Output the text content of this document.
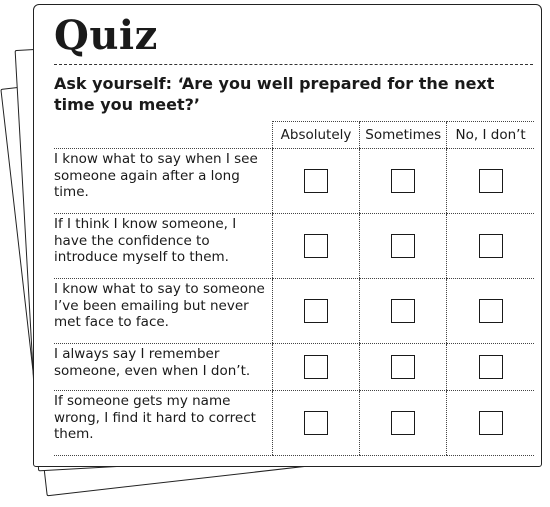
Quiz

Ask yourself: ‘Are you well prepared for the next time you meet?’

	Absolutely	Sometimes	No, I don’t
I know what to say when I see someone again after a long time.			
If I think I know someone, I have the confidence to introduce myself to them.			
I know what to say to someone I’ve been emailing but never met face to face.			
I always say I remember someone, even when I don’t.			
If someone gets my name wrong, I find it hard to correct them.			
